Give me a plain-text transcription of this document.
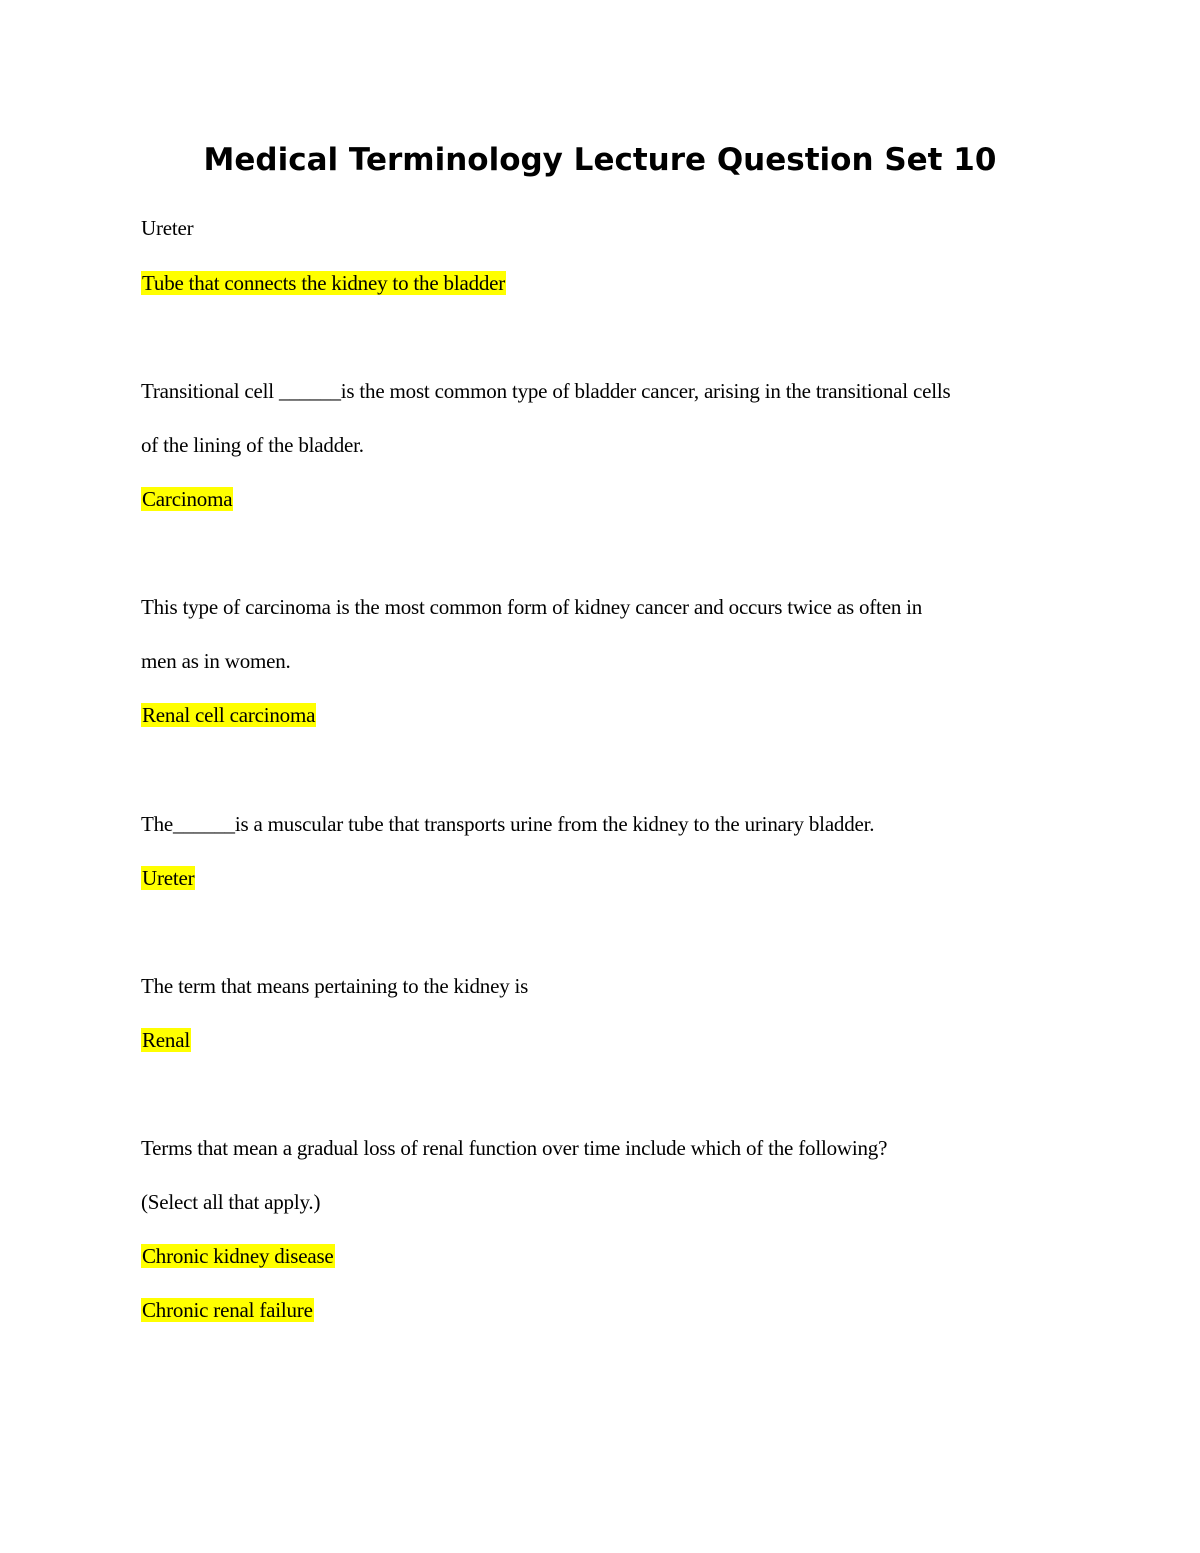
Medical Terminology Lecture Question Set 10
Ureter
Tube that connects the kidney to the bladder
Transitional cell ______is the most common type of bladder cancer, arising in the transitional cells
of the lining of the bladder.
Carcinoma
This type of carcinoma is the most common form of kidney cancer and occurs twice as often in
men as in women.
Renal cell carcinoma
The______is a muscular tube that transports urine from the kidney to the urinary bladder.
Ureter
The term that means pertaining to the kidney is
Renal
Terms that mean a gradual loss of renal function over time include which of the following?
(Select all that apply.)
Chronic kidney disease
Chronic renal failure
